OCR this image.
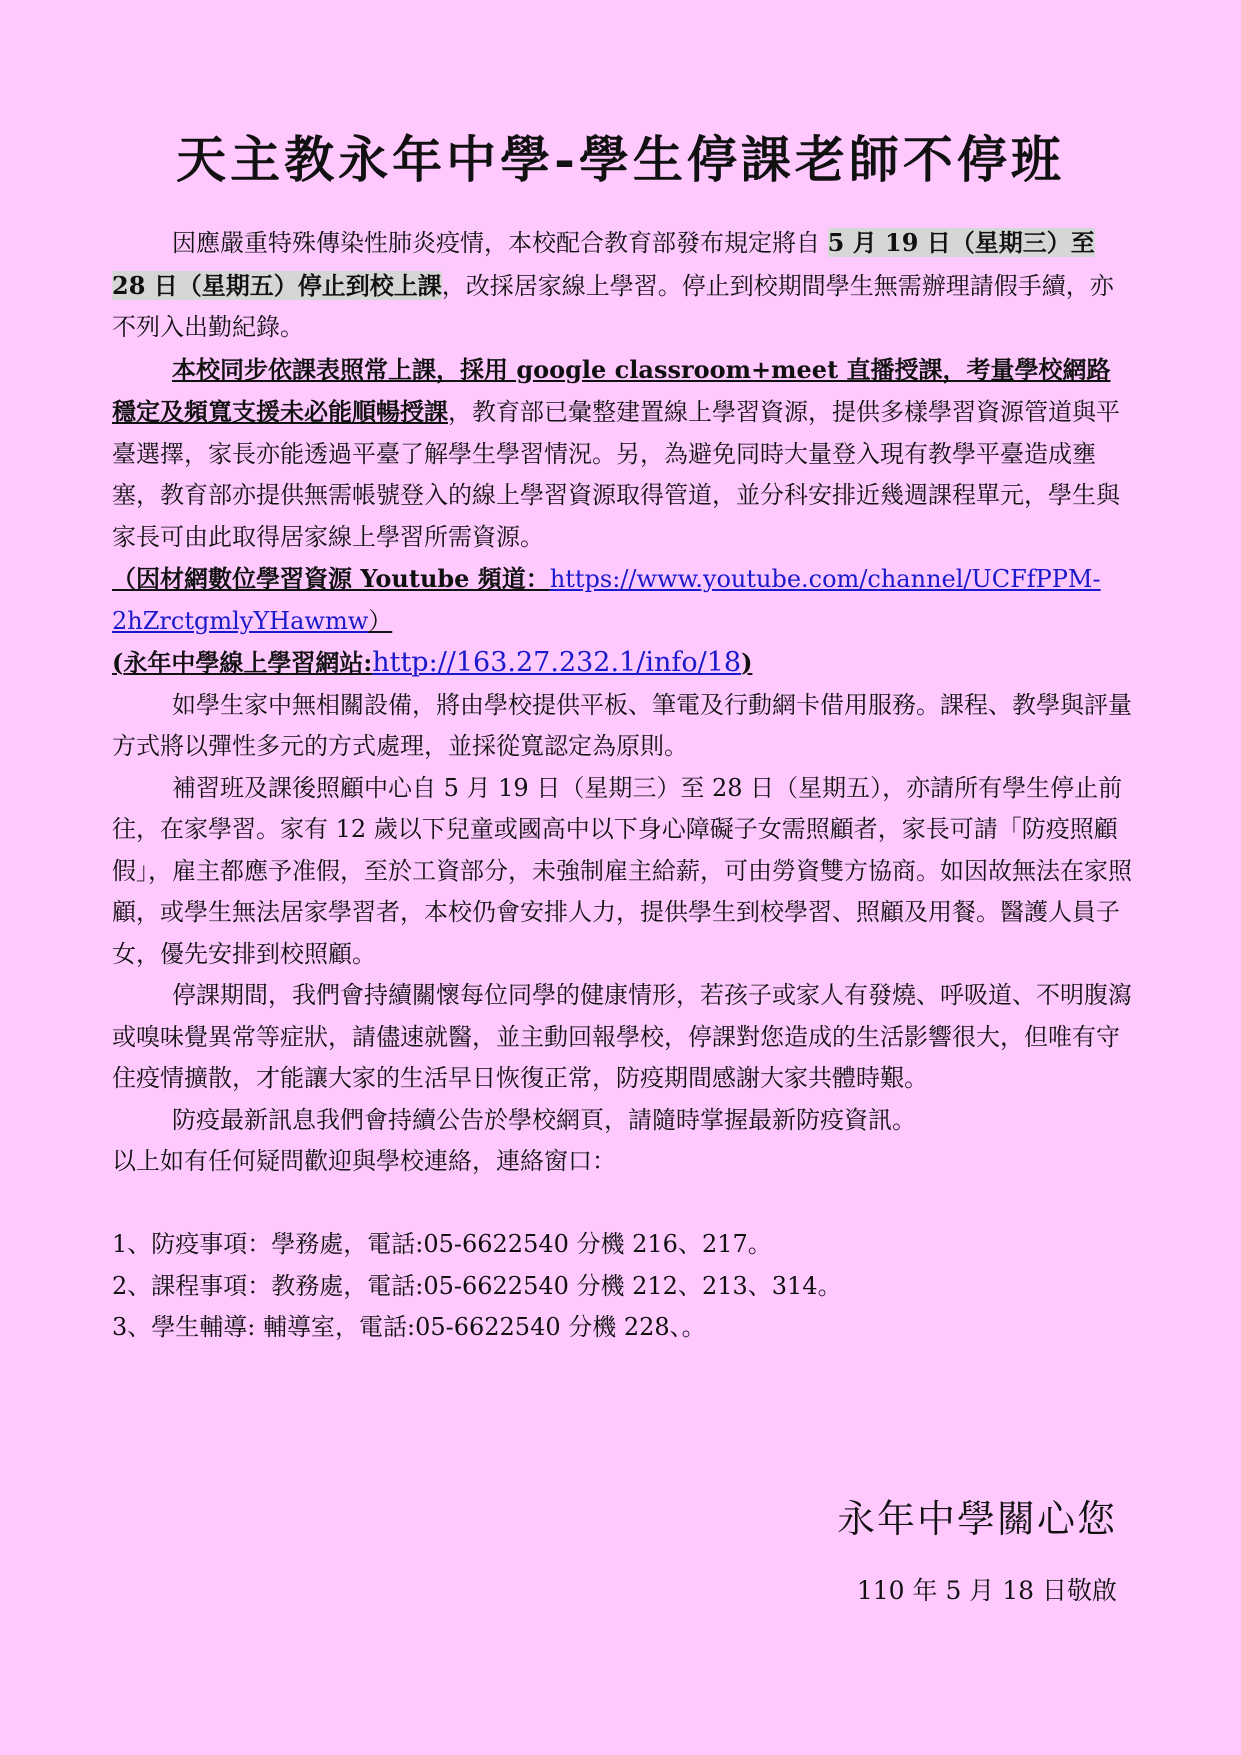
天主教永年中學-學生停課老師不停班

因應嚴重特殊傳染性肺炎疫情，本校配合教育部發布規定將自 5 月 19 日（星期三）至 28 日（星期五）停止到校上課，改採居家線上學習。停止到校期間學生無需辦理請假手續，亦不列入出勤紀錄。

本校同步依課表照常上課，採用 google classroom+meet 直播授課，考量學校網路穩定及頻寬支援未必能順暢授課，教育部已彙整建置線上學習資源，提供多樣學習資源管道與平臺選擇，家長亦能透過平臺了解學生學習情況。另，為避免同時大量登入現有教學平臺造成壅塞，教育部亦提供無需帳號登入的線上學習資源取得管道，並分科安排近幾週課程單元，學生與家長可由此取得居家線上學習所需資源。

（因材網數位學習資源 Youtube 頻道：https://www.youtube.com/channel/UCFfPPM-2hZrctgmlyYHawmw）

(永年中學線上學習網站:http://163.27.232.1/info/18)

如學生家中無相關設備，將由學校提供平板、筆電及行動網卡借用服務。課程、教學與評量方式將以彈性多元的方式處理，並採從寬認定為原則。

補習班及課後照顧中心自 5 月 19 日（星期三）至 28 日（星期五），亦請所有學生停止前往，在家學習。家有 12 歲以下兒童或國高中以下身心障礙子女需照顧者，家長可請「防疫照顧假」，雇主都應予准假，至於工資部分，未強制雇主給薪，可由勞資雙方協商。如因故無法在家照顧，或學生無法居家學習者，本校仍會安排人力，提供學生到校學習、照顧及用餐。醫護人員子女，優先安排到校照顧。

停課期間，我們會持續關懷每位同學的健康情形，若孩子或家人有發燒、呼吸道、不明腹瀉或嗅味覺異常等症狀，請儘速就醫，並主動回報學校，停課對您造成的生活影響很大，但唯有守住疫情擴散，才能讓大家的生活早日恢復正常，防疫期間感謝大家共體時艱。

防疫最新訊息我們會持續公告於學校網頁，請隨時掌握最新防疫資訊。

以上如有任何疑問歡迎與學校連絡，連絡窗口：

1、防疫事項：學務處，電話:05-6622540 分機 216、217。

2、課程事項：教務處，電話:05-6622540 分機 212、213、314。

3、學生輔導: 輔導室，電話:05-6622540 分機 228、。

永年中學關心您
110 年 5 月 18 日敬啟
